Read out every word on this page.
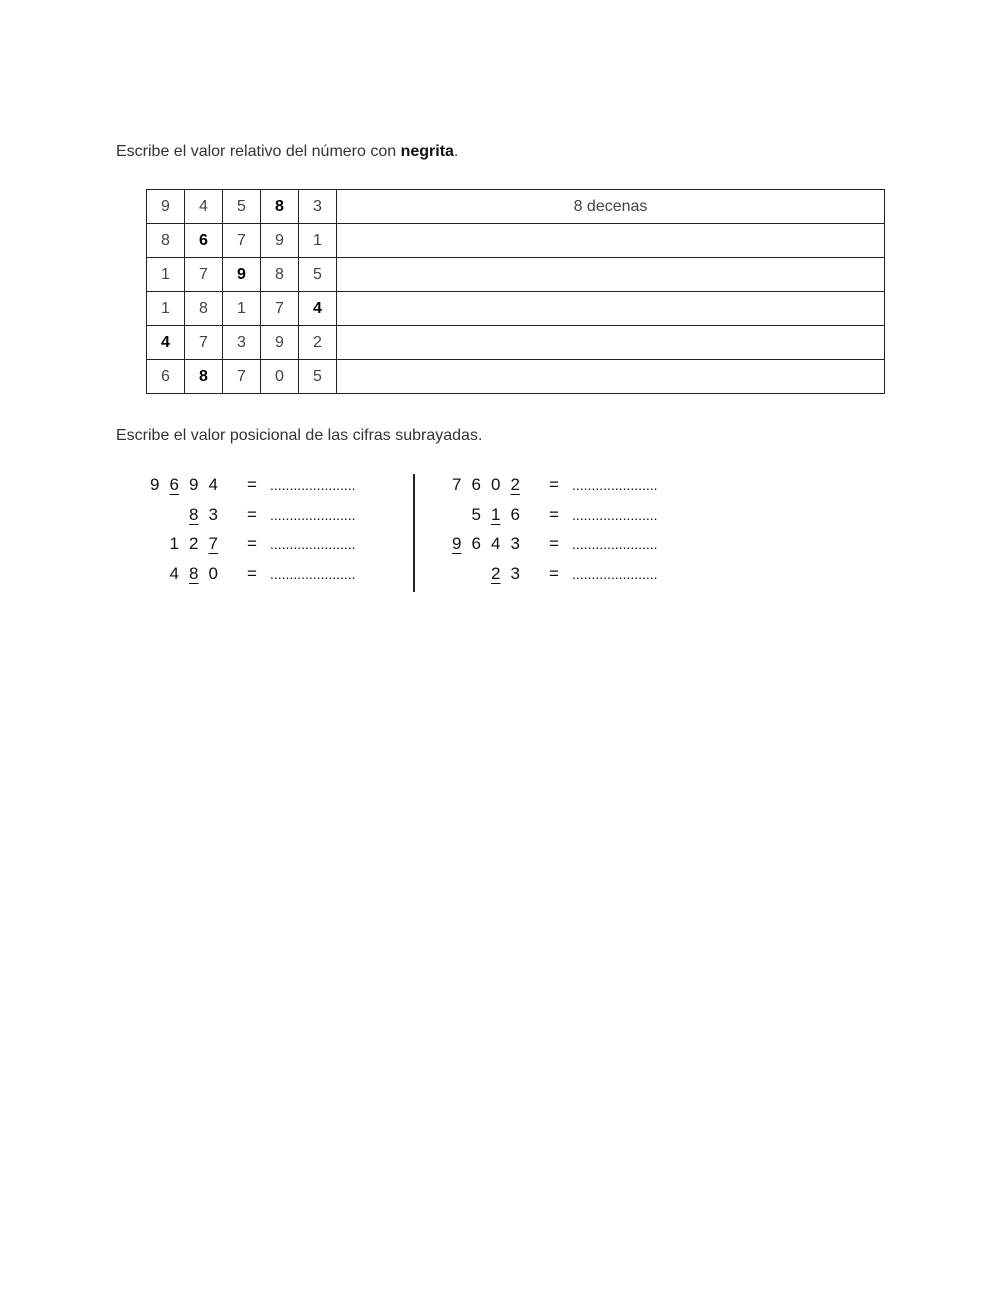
Escribe el valor relativo del número con negrita.
9	4	5	8	3	8 decenas
8	6	7	9	1	
1	7	9	8	5	
1	8	1	7	4	
4	7	3	9	2	
6	8	7	0	5	
Escribe el valor posicional de las cifras subrayadas.
9 6 9 4	= ......................
8 3	= ......................
1 2 7	= ......................
4 8 0	= ......................
7 6 0 2	= ......................
5 1 6	= ......................
9 6 4 3	= ......................
2 3	= ......................
